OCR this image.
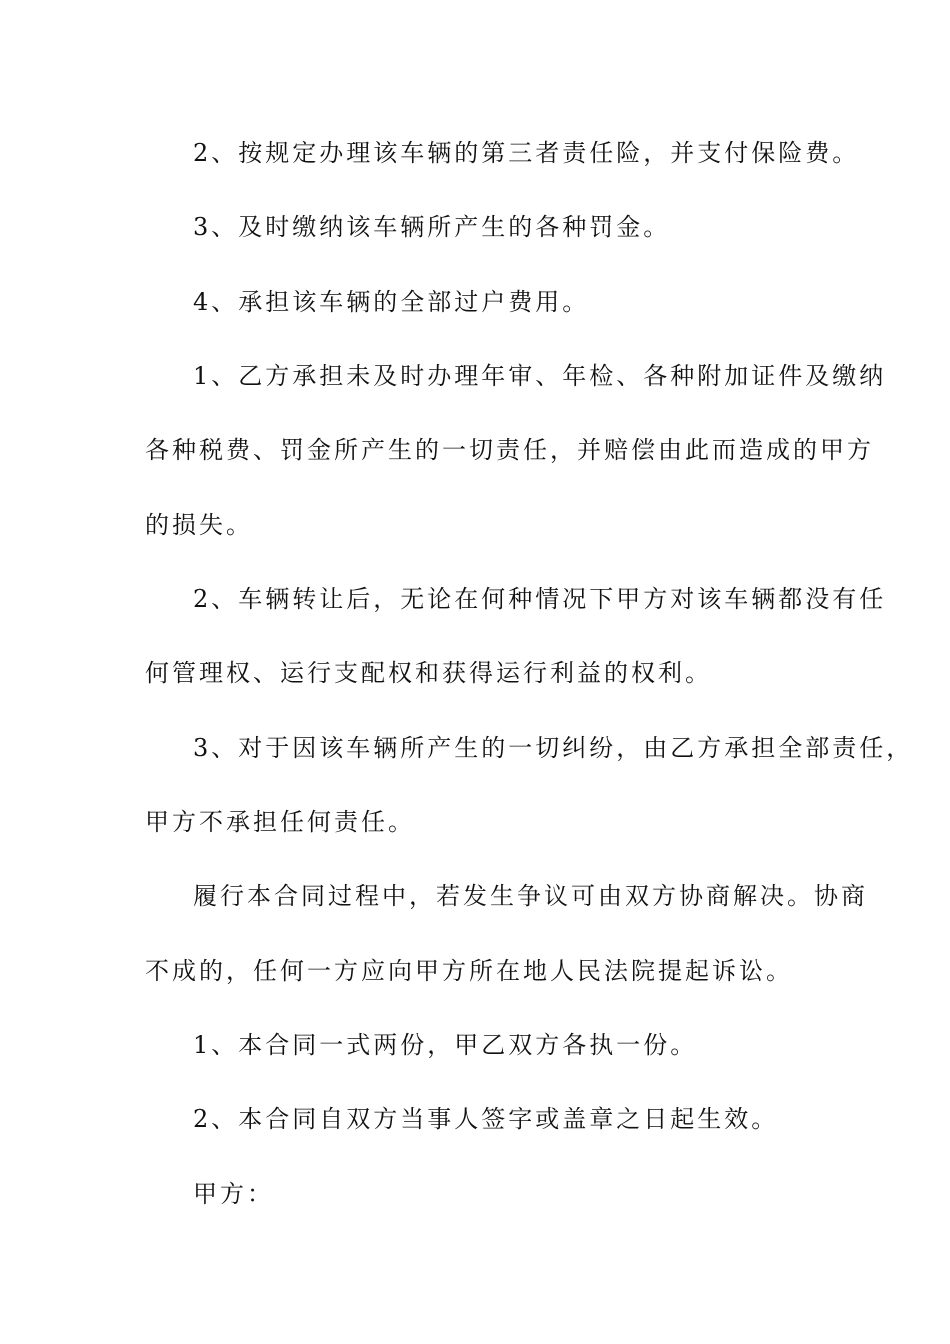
2、按规定办理该车辆的第三者责任险，并支付保险费。
3、及时缴纳该车辆所产生的各种罚金。
4、承担该车辆的全部过户费用。
1、乙方承担未及时办理年审、年检、各种附加证件及缴纳
各种税费、罚金所产生的一切责任，并赔偿由此而造成的甲方
的损失。
2、车辆转让后，无论在何种情况下甲方对该车辆都没有任
何管理权、运行支配权和获得运行利益的权利。
3、对于因该车辆所产生的一切纠纷，由乙方承担全部责任，
甲方不承担任何责任。
履行本合同过程中，若发生争议可由双方协商解决。协商
不成的，任何一方应向甲方所在地人民法院提起诉讼。
1、本合同一式两份，甲乙双方各执一份。
2、本合同自双方当事人签字或盖章之日起生效。
甲方：
